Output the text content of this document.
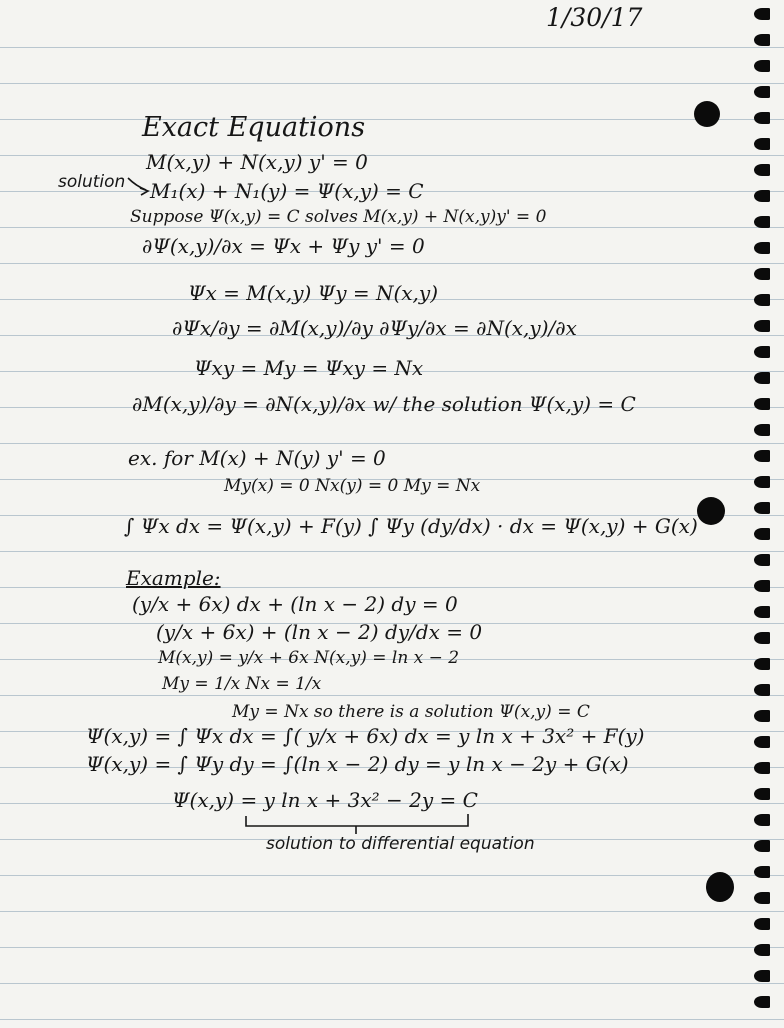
1/30/17
Exact Equations
solution
M(x,y) + N(x,y) y' = 0
M₁(x) + N₁(y) = Ψ(x,y) = C
Suppose Ψ(x,y) = C solves M(x,y) + N(x,y)y' = 0
∂Ψ(x,y)/∂x = Ψx + Ψy y' = 0
Ψx = M(x,y) Ψy = N(x,y)
∂Ψx/∂y = ∂M(x,y)/∂y ∂Ψy/∂x = ∂N(x,y)/∂x
Ψxy = My = Ψxy = Nx
∂M(x,y)/∂y = ∂N(x,y)/∂x w/ the solution Ψ(x,y) = C
ex. for M(x) + N(y) y' = 0
My(x) = 0 Nx(y) = 0 My = Nx
∫ Ψx dx = Ψ(x,y) + F(y) ∫ Ψy (dy/dx) · dx = Ψ(x,y) + G(x)
Example:
(y/x + 6x) dx + (ln x − 2) dy = 0
(y/x + 6x) + (ln x − 2) dy/dx = 0
M(x,y) = y/x + 6x N(x,y) = ln x − 2
My = 1/x Nx = 1/x
My = Nx so there is a solution Ψ(x,y) = C
Ψ(x,y) = ∫ Ψx dx = ∫( y/x + 6x) dx = y ln x + 3x² + F(y)
Ψ(x,y) = ∫ Ψy dy = ∫(ln x − 2) dy = y ln x − 2y + G(x)
Ψ(x,y) = y ln x + 3x² − 2y = C
solution to differential equation
